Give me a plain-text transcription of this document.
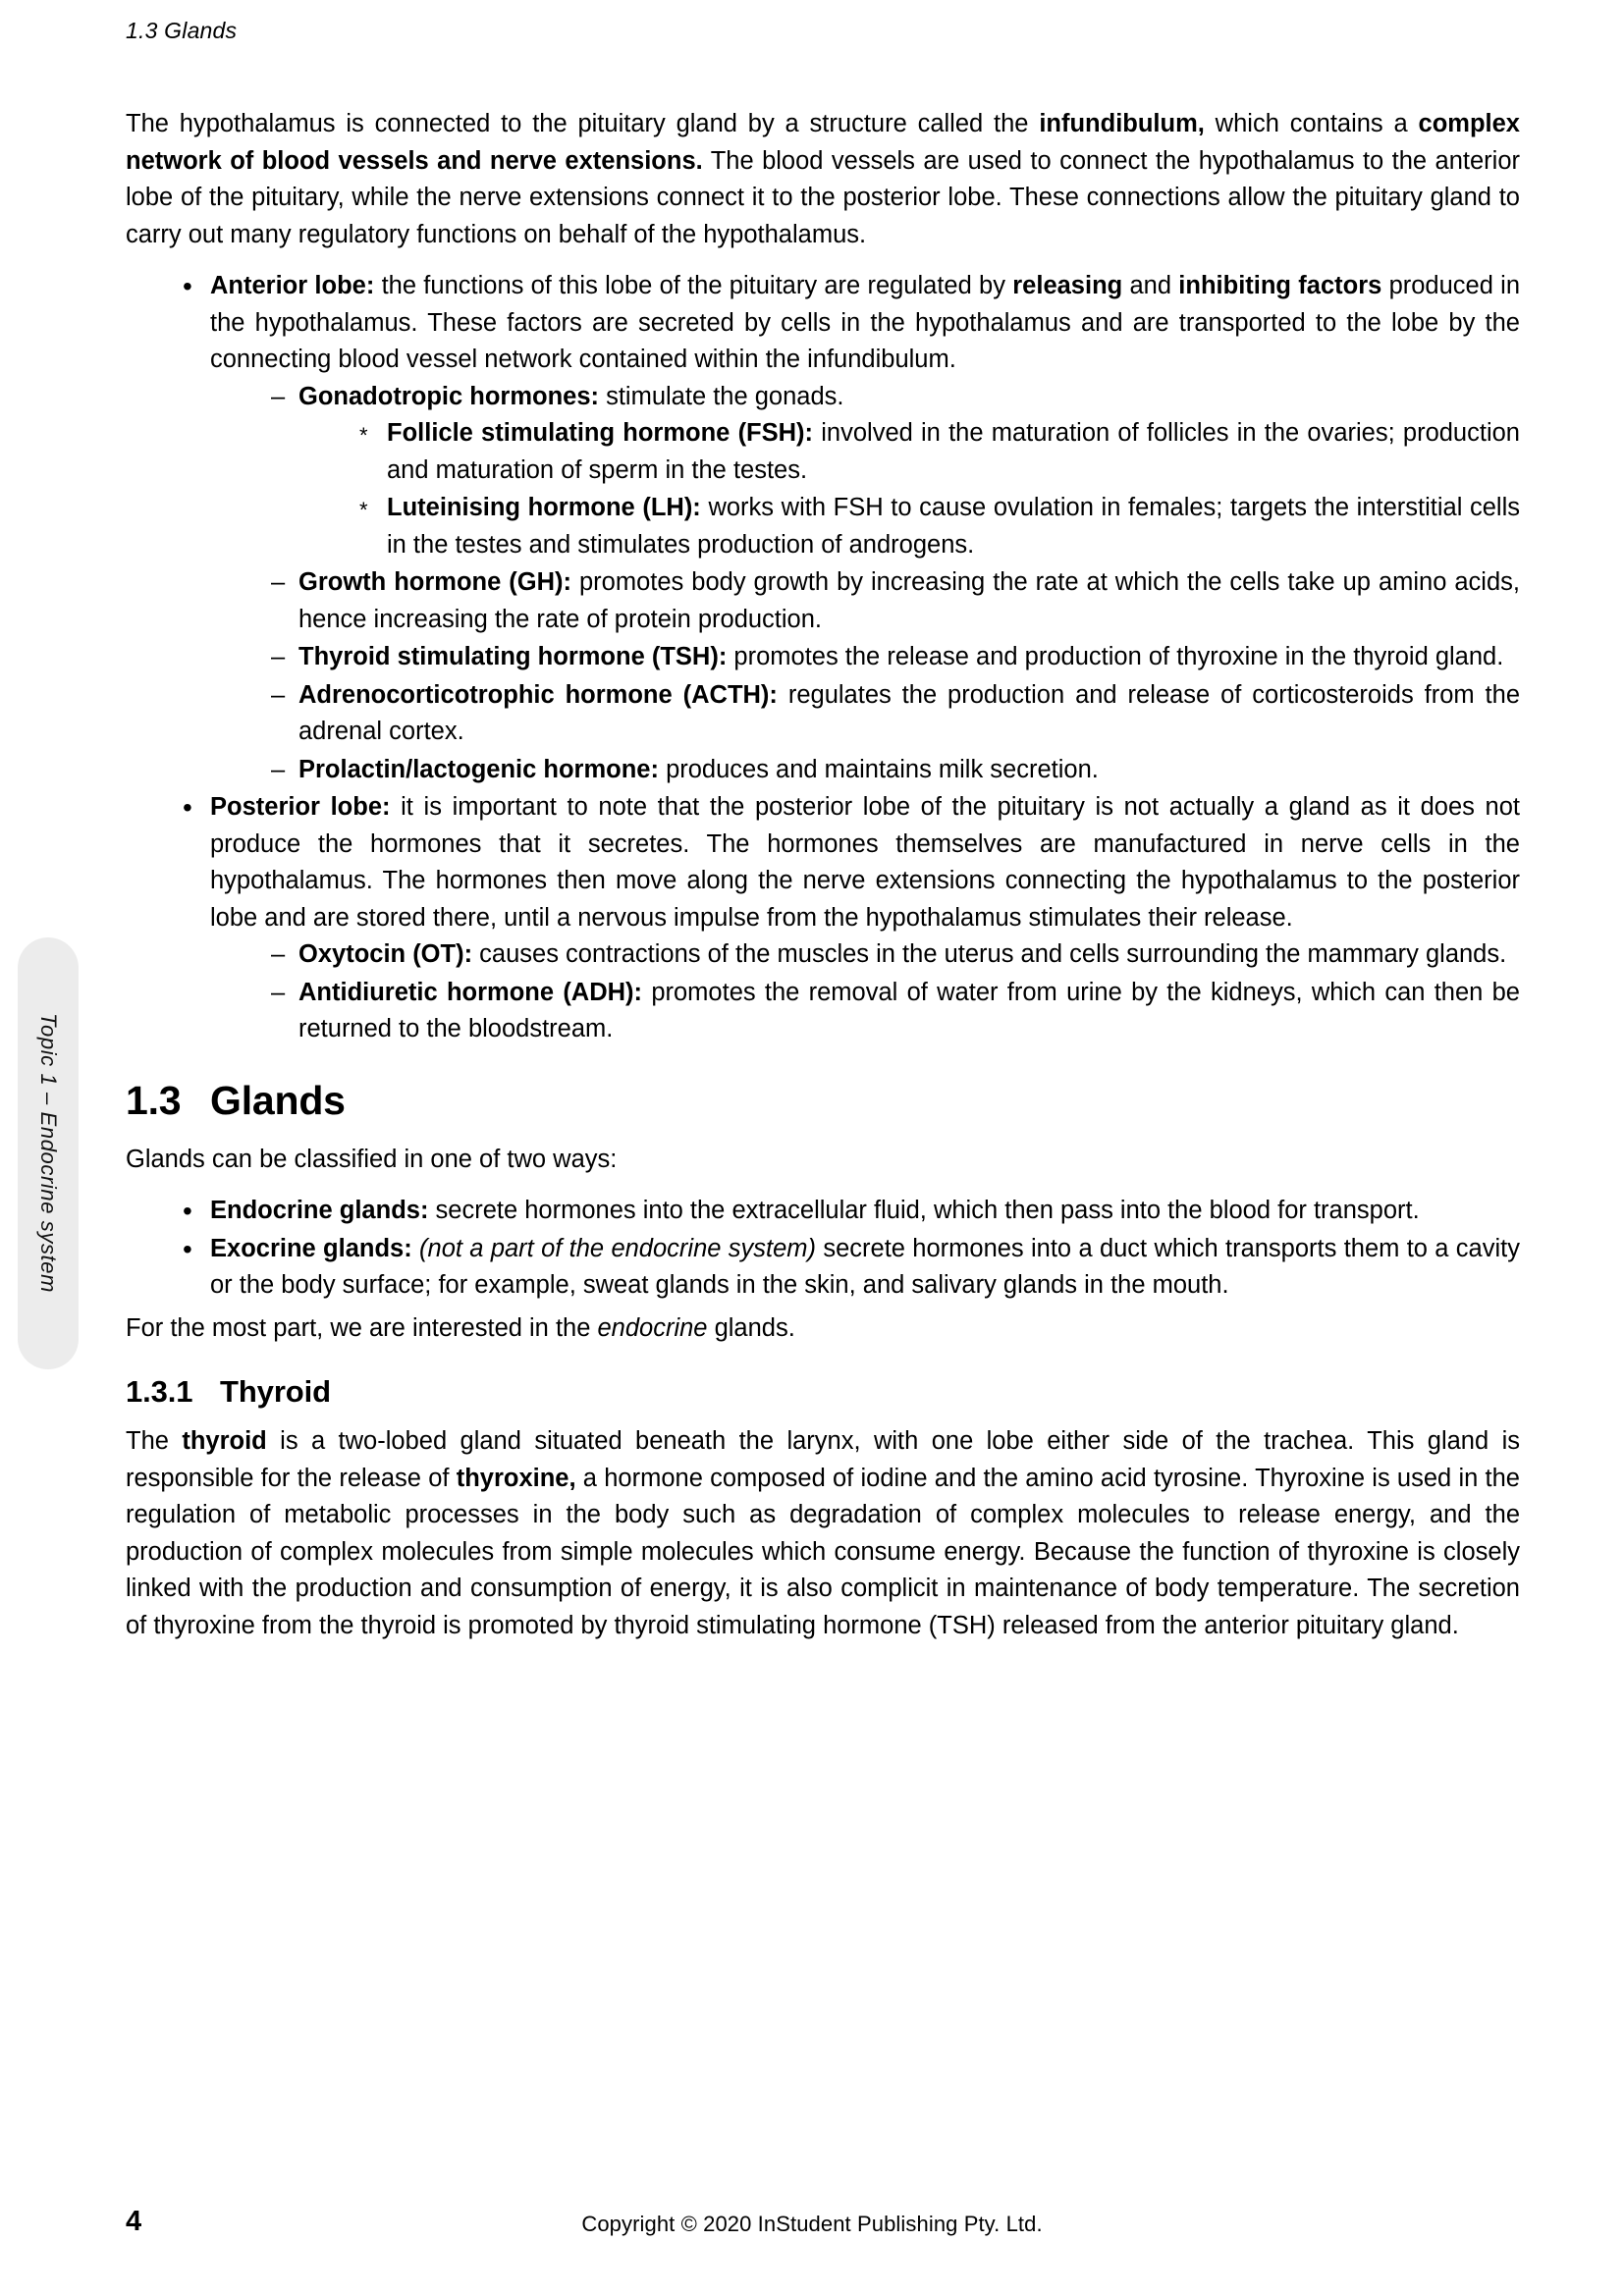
1.3 Glands
Topic 1 – Endocrine system

The hypothalamus is connected to the pituitary gland by a structure called the infundibulum, which contains a complex network of blood vessels and nerve extensions. The blood vessels are used to connect the hypothalamus to the anterior lobe of the pituitary, while the nerve extensions connect it to the posterior lobe. These connections allow the pituitary gland to carry out many regulatory functions on behalf of the hypothalamus.

• Anterior lobe: the functions of this lobe of the pituitary are regulated by releasing and inhibiting factors produced in the hypothalamus. These factors are secreted by cells in the hypothalamus and are transported to the lobe by the connecting blood vessel network contained within the infundibulum.
– Gonadotropic hormones: stimulate the gonads.
* Follicle stimulating hormone (FSH): involved in the maturation of follicles in the ovaries; production and maturation of sperm in the testes.
* Luteinising hormone (LH): works with FSH to cause ovulation in females; targets the interstitial cells in the testes and stimulates production of androgens.
– Growth hormone (GH): promotes body growth by increasing the rate at which the cells take up amino acids, hence increasing the rate of protein production.
– Thyroid stimulating hormone (TSH): promotes the release and production of thyroxine in the thyroid gland.
– Adrenocorticotrophic hormone (ACTH): regulates the production and release of corticosteroids from the adrenal cortex.
– Prolactin/lactogenic hormone: produces and maintains milk secretion.
• Posterior lobe: it is important to note that the posterior lobe of the pituitary is not actually a gland as it does not produce the hormones that it secretes. The hormones themselves are manufactured in nerve cells in the hypothalamus. The hormones then move along the nerve extensions connecting the hypothalamus to the posterior lobe and are stored there, until a nervous impulse from the hypothalamus stimulates their release.
– Oxytocin (OT): causes contractions of the muscles in the uterus and cells surrounding the mammary glands.
– Antidiuretic hormone (ADH): promotes the removal of water from urine by the kidneys, which can then be returned to the bloodstream.
1.3 Glands

Glands can be classified in one of two ways:

• Endocrine glands: secrete hormones into the extracellular fluid, which then pass into the blood for transport.
• Exocrine glands: (not a part of the endocrine system) secrete hormones into a duct which transports them to a cavity or the body surface; for example, sweat glands in the skin, and salivary glands in the mouth.

For the most part, we are interested in the endocrine glands.

1.3.1 Thyroid

The thyroid is a two-lobed gland situated beneath the larynx, with one lobe either side of the trachea. This gland is responsible for the release of thyroxine, a hormone composed of iodine and the amino acid tyrosine. Thyroxine is used in the regulation of metabolic processes in the body such as degradation of complex molecules to release energy, and the production of complex molecules from simple molecules which consume energy. Because the function of thyroxine is closely linked with the production and consumption of energy, it is also complicit in maintenance of body temperature. The secretion of thyroxine from the thyroid is promoted by thyroid stimulating hormone (TSH) released from the anterior pituitary gland.

4	Copyright © 2020 InStudent Publishing Pty. Ltd.
